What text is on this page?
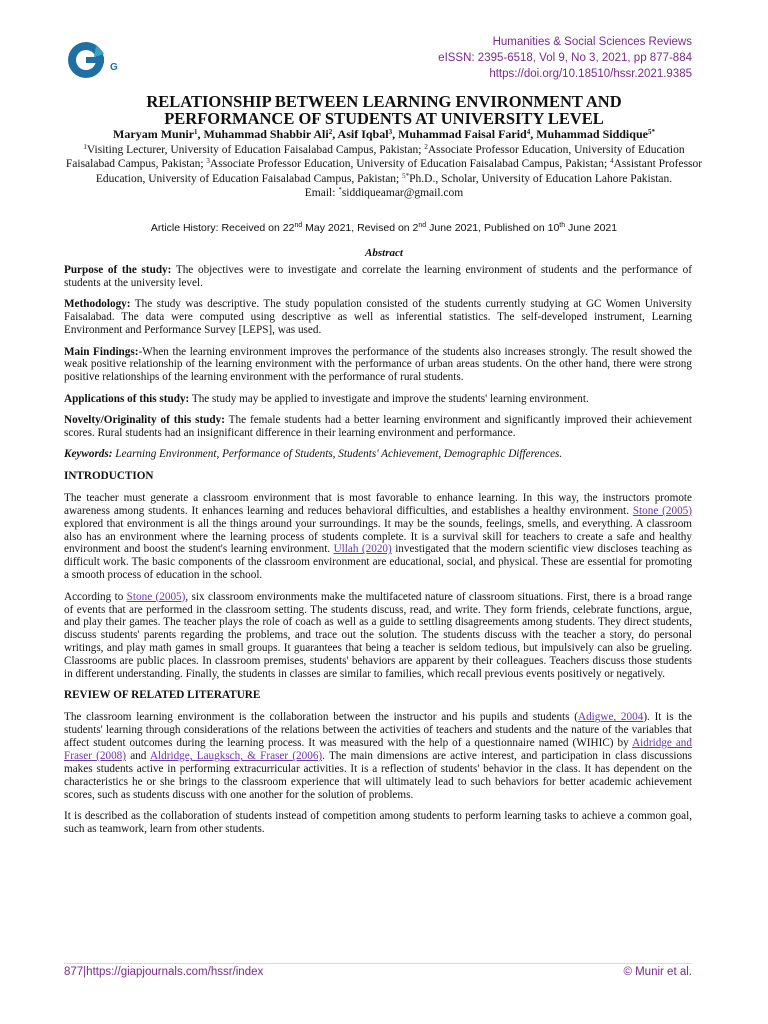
G
Humanities & Social Sciences Reviews
eISSN: 2395-6518, Vol 9, No 3, 2021, pp 877-884
https://doi.org/10.18510/hssr.2021.9385
RELATIONSHIP BETWEEN LEARNING ENVIRONMENT AND
PERFORMANCE OF STUDENTS AT UNIVERSITY LEVEL

Maryam Munir$^1$, Muhammad Shabbir Ali$^2$, Asif Iqbal$^3$, Muhammad Faisal Farid$^4$, Muhammad Siddique$^{5*}$

$^1$Visiting Lecturer, University of Education Faisalabad Campus, Pakistan; $^2$Associate Professor Education, University of Education Faisalabad Campus, Pakistan; $^3$Associate Professor Education, University of Education Faisalabad Campus, Pakistan; $^4$Assistant Professor Education, University of Education Faisalabad Campus, Pakistan; $^{5*}$Ph.D., Scholar, University of Education Lahore Pakistan.
Email: *siddiqueamar@gmail.com

Article History: Received on 22nd May 2021, Revised on 2nd June 2021, Published on 10th June 2021
Abstract

Purpose of the study: The objectives were to investigate and correlate the learning environment of students and the performance of students at the university level.

Methodology: The study was descriptive. The study population consisted of the students currently studying at GC Women University Faisalabad. The data were computed using descriptive as well as inferential statistics. The self-developed instrument, Learning Environment and Performance Survey [LEPS], was used.

Main Findings:-When the learning environment improves the performance of the students also increases strongly. The result showed the weak positive relationship of the learning environment with the performance of urban areas students. On the other hand, there were strong positive relationships of the learning environment with the performance of rural students.

Applications of this study: The study may be applied to investigate and improve the students' learning environment.

Novelty/Originality of this study: The female students had a better learning environment and significantly improved their achievement scores. Rural students had an insignificant difference in their learning environment and performance.

Keywords: Learning Environment, Performance of Students, Students' Achievement, Demographic Differences.

INTRODUCTION

The teacher must generate a classroom environment that is most favorable to enhance learning. In this way, the instructors promote awareness among students. It enhances learning and reduces behavioral difficulties, and establishes a healthy environment. Stone (2005) explored that environment is all the things around your surroundings. It may be the sounds, feelings, smells, and everything. A classroom also has an environment where the learning process of students complete. It is a survival skill for teachers to create a safe and healthy environment and boost the student's learning environment. Ullah (2020) investigated that the modern scientific view discloses teaching as difficult work. The basic components of the classroom environment are educational, social, and physical. These are essential for promoting a smooth process of education in the school.

According to Stone (2005), six classroom environments make the multifaceted nature of classroom situations. First, there is a broad range of events that are performed in the classroom setting. The students discuss, read, and write. They form friends, celebrate functions, argue, and play their games. The teacher plays the role of coach as well as a guide to settling disagreements among students. They direct students, discuss students' parents regarding the problems, and trace out the solution. The students discuss with the teacher a story, do personal writings, and play math games in small groups. It guarantees that being a teacher is seldom tedious, but impulsively can also be grueling. Classrooms are public places. In classroom premises, students' behaviors are apparent by their colleagues. Teachers discuss those students in different understanding. Finally, the students in classes are similar to families, which recall previous events positively or negatively.

REVIEW OF RELATED LITERATURE

The classroom learning environment is the collaboration between the instructor and his pupils and students (Adigwe, 2004). It is the students' learning through considerations of the relations between the activities of teachers and students and the nature of the variables that affect student outcomes during the learning process. It was measured with the help of a questionnaire named (WIHIC) by Aidridge and Fraser (2008) and Aldridge, Laugksch, & Fraser (2006). The main dimensions are active interest, and participation in class discussions makes students active in performing extracurricular activities. It is a reflection of students' behavior in the class. It has dependent on the characteristics he or she brings to the classroom experience that will ultimately lead to such behaviors for better academic achievement scores, such as students discuss with one another for the solution of problems.

It is described as the collaboration of students instead of competition among students to perform learning tasks to achieve a common goal, such as teamwork, learn from other students.

877|https://giapjournals.com/hssr/index	© Munir et al.
